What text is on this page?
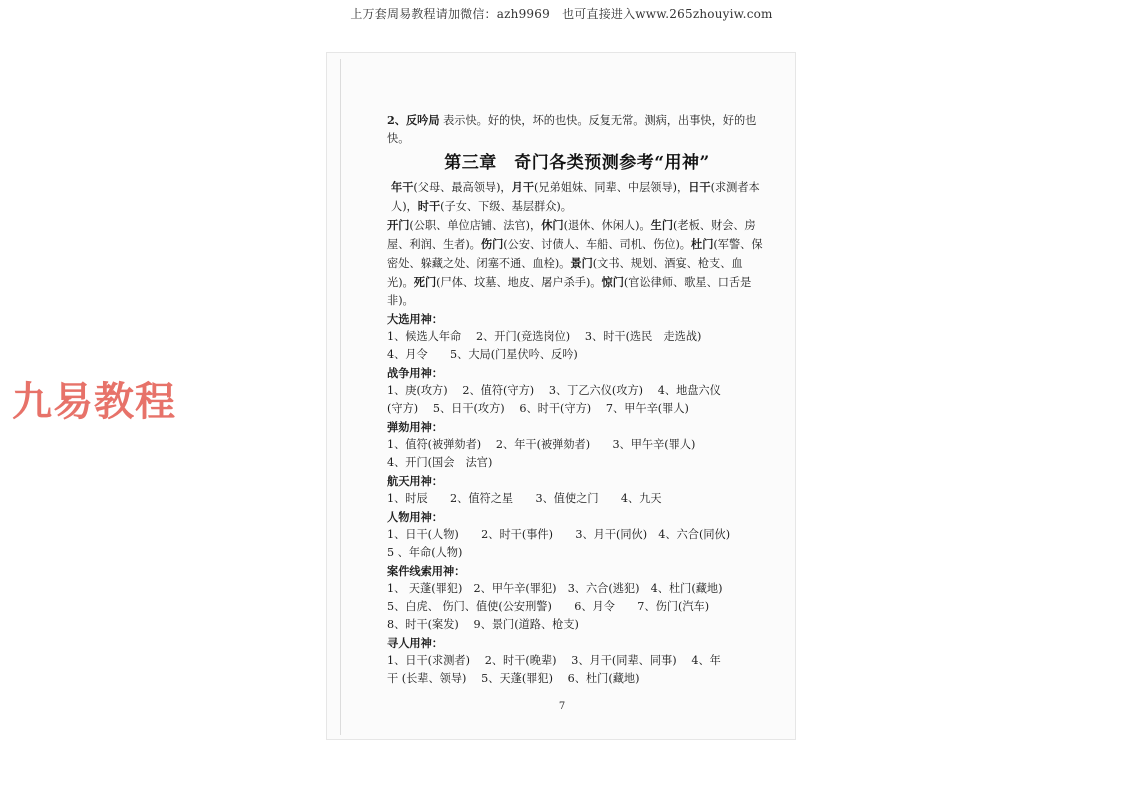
上万套周易教程请加微信：azh9969　也可直接进入www.265zhouyiw.com
九易教程

2、反吟局 表示快。好的快，坏的也快。反复无常。测病，出事快，好的也快。

第三章　奇门各类预测参考“用神”

年干(父母、最高领导)，月干(兄弟姐妹、同辈、中层领导)，日干(求测者本人)，时干(子女、下级、基层群众)。

开门(公职、单位店铺、法官)，休门(退休、休闲人)。生门(老板、财会、房屋、利润、生者)。伤门(公安、讨债人、车船、司机、伤位)。杜门(军警、保密处、躲藏之处、闭塞不通、血栓)。景门(文书、规划、酒宴、枪支、血光)。死门(尸体、坟墓、地皮、屠户杀手)。惊门(官讼律师、歌星、口舌是非)。

大选用神：

1、候选人年命　 2、开门(竞选岗位)　 3、时干(选民　走选战)

4、月令　　5、大局(门星伏吟、反吟)

战争用神：

1、庚(攻方)　 2、值符(守方)　 3、丁乙六仪(攻方)　 4、地盘六仪

(守方)　 5、日干(攻方)　 6、时干(守方)　 7、甲午辛(罪人)

弹劾用神：

1、值符(被弹劾者)　 2、年干(被弹劾者)　　3、甲午辛(罪人)

4、开门(国会　法官)

航天用神：

1、时辰　　2、值符之星　　3、值使之门　　4、九天

人物用神：

1、日干(人物)　　2、时干(事件)　　3、月干(同伙)　4、六合(同伙)

5 、年命(人物)

案件线索用神：

1、 天蓬(罪犯)　2、甲午辛(罪犯)　3、六合(逃犯)　4、杜门(藏地)

5、白虎、 伤门、值使(公安刑警)　　6、月令　　7、伤门(汽车)

8、时干(案发)　 9、景门(道路、枪支)

寻人用神：

1、日干(求测者)　 2、时干(晚辈)　 3、月干(同辈、同事)　 4、年

干 (长辈、领导)　 5、天蓬(罪犯)　 6、杜门(藏地)

7
